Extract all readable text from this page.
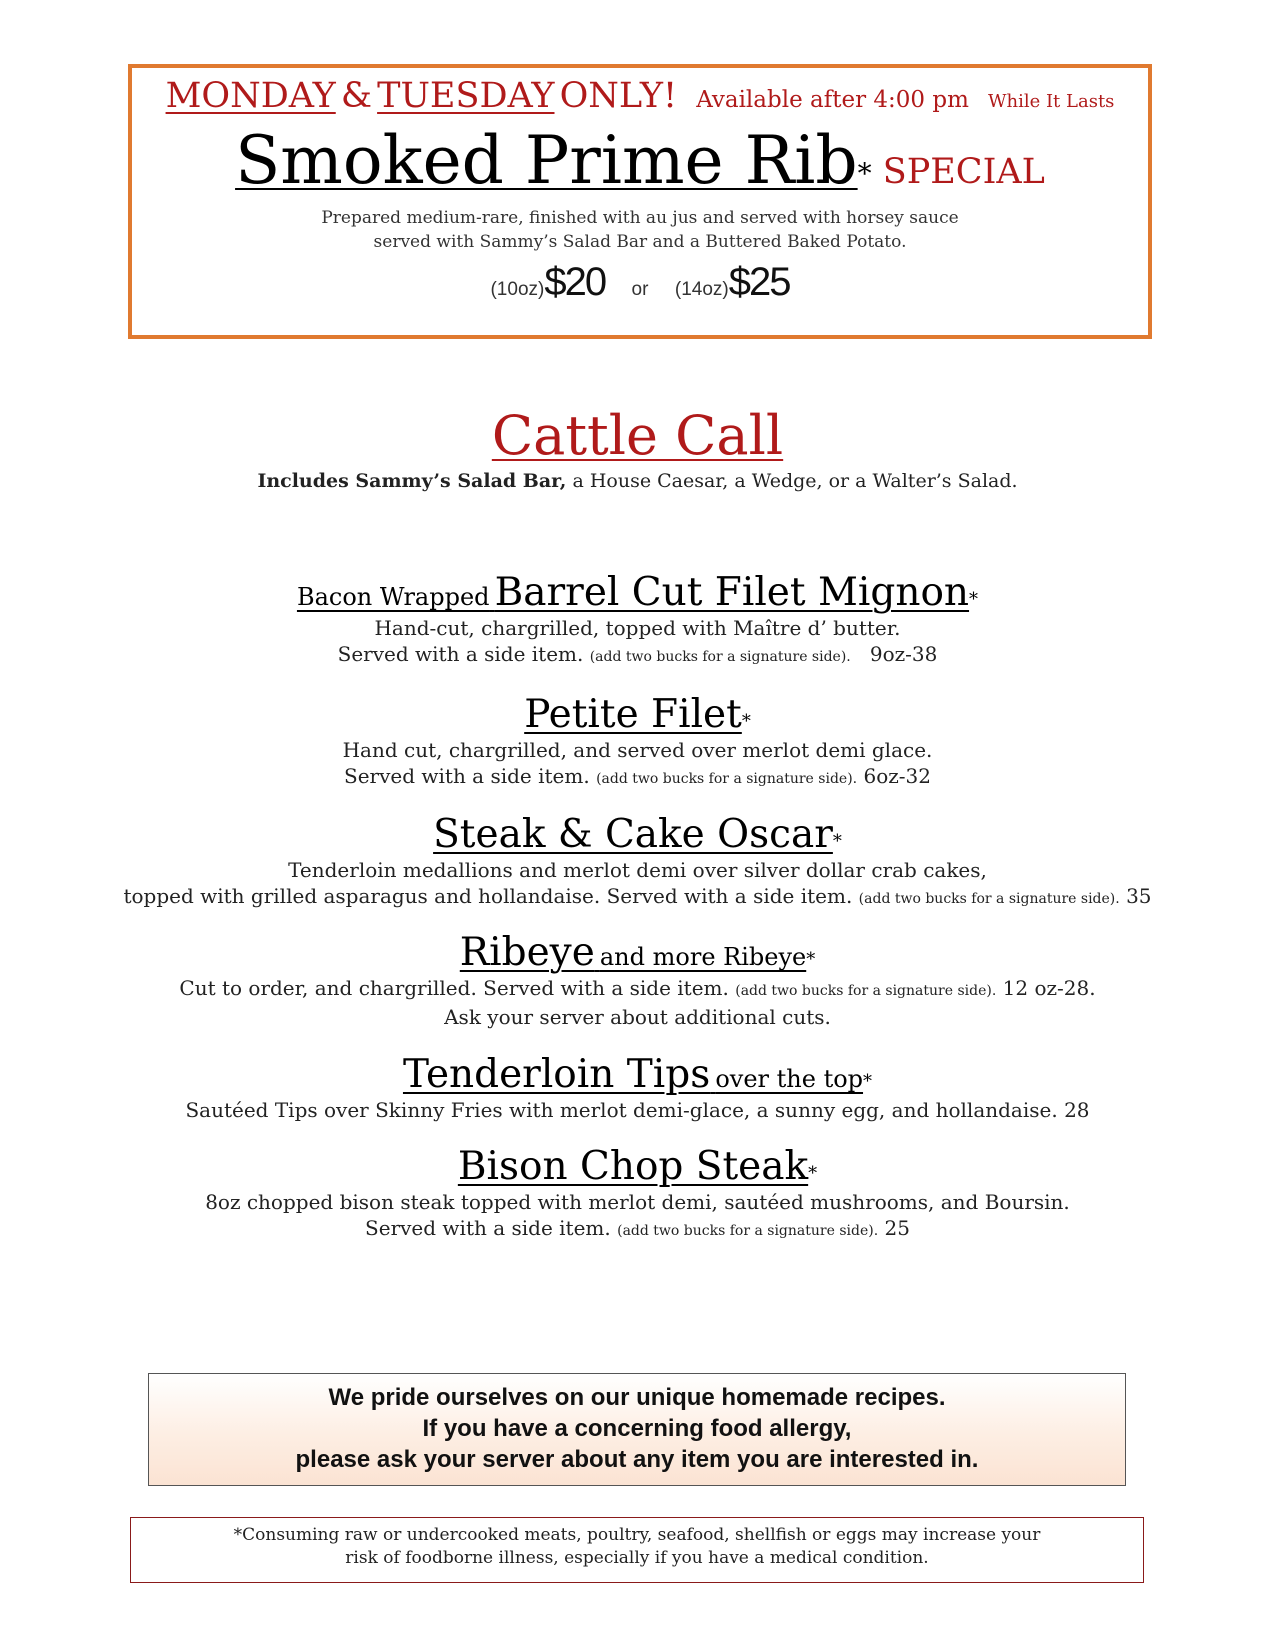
MONDAY & TUESDAY ONLY! Available after 4:00 pm While It Lasts
Smoked Prime Rib* SPECIAL
Prepared medium-rare, finished with au jus and served with horsey sauce
served with Sammy’s Salad Bar and a Buttered Baked Potato.
(10oz)$20 or (14oz)$25
Cattle Call
Includes Sammy’s Salad Bar, a House Caesar, a Wedge, or a Walter’s Salad.
Bacon Wrapped Barrel Cut Filet Mignon*
Hand-cut, chargrilled, topped with Maître d’ butter.
Served with a side item. (add two bucks for a signature side). 9oz-38
Petite Filet*
Hand cut, chargrilled, and served over merlot demi glace.
Served with a side item. (add two bucks for a signature side). 6oz-32
Steak & Cake Oscar*
Tenderloin medallions and merlot demi over silver dollar crab cakes,
topped with grilled asparagus and hollandaise. Served with a side item. (add two bucks for a signature side). 35
Ribeye and more Ribeye*
Cut to order, and chargrilled. Served with a side item. (add two bucks for a signature side). 12 oz-28.
Ask your server about additional cuts.
Tenderloin Tips over the top*
Sautéed Tips over Skinny Fries with merlot demi-glace, a sunny egg, and hollandaise. 28
Bison Chop Steak*
8oz chopped bison steak topped with merlot demi, sautéed mushrooms, and Boursin.
Served with a side item. (add two bucks for a signature side). 25
We pride ourselves on our unique homemade recipes.
If you have a concerning food allergy,
please ask your server about any item you are interested in.
*Consuming raw or undercooked meats, poultry, seafood, shellfish or eggs may increase your
risk of foodborne illness, especially if you have a medical condition.
